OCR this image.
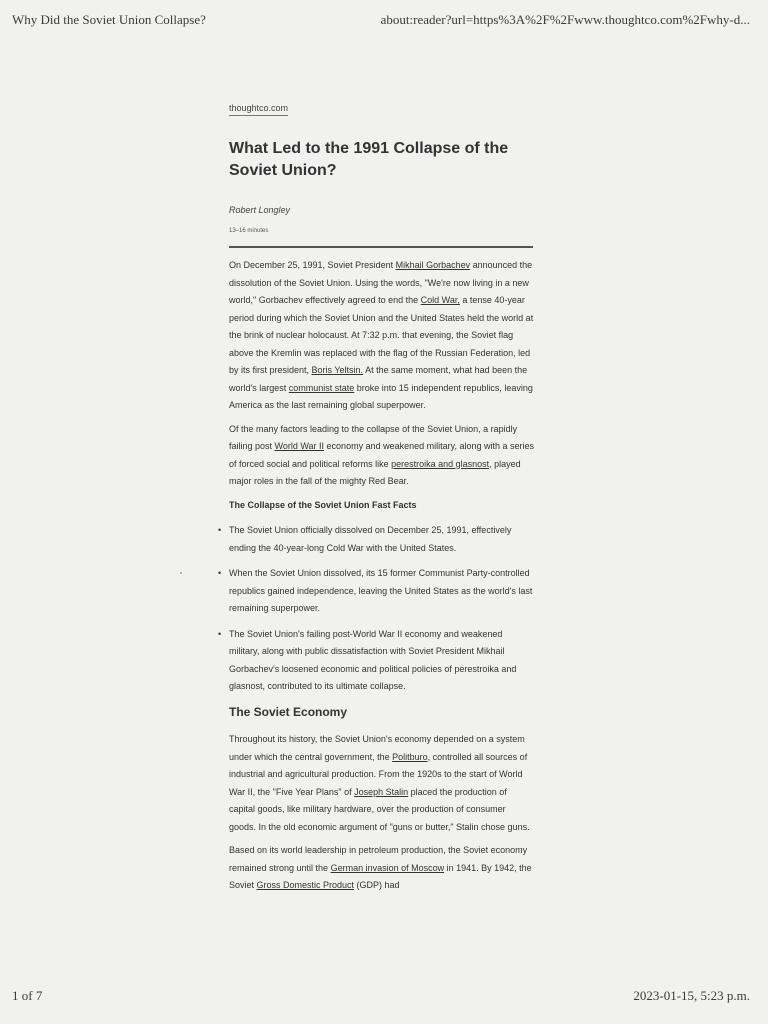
Why Did the Soviet Union Collapse?	about:reader?url=https%3A%2F%2Fwww.thoughtco.com%2Fwhy-d...
thoughtco.com
What Led to the 1991 Collapse of the Soviet Union?
Robert Longley
13–16 minutes

On December 25, 1991, Soviet President Mikhail Gorbachev announced the dissolution of the Soviet Union. Using the words, "We're now living in a new world," Gorbachev effectively agreed to end the Cold War, a tense 40-year period during which the Soviet Union and the United States held the world at the brink of nuclear holocaust. At 7:32 p.m. that evening, the Soviet flag above the Kremlin was replaced with the flag of the Russian Federation, led by its first president, Boris Yeltsin. At the same moment, what had been the world's largest communist state broke into 15 independent republics, leaving America as the last remaining global superpower.

Of the many factors leading to the collapse of the Soviet Union, a rapidly failing post World War II economy and weakened military, along with a series of forced social and political reforms like perestroika and glasnost, played major roles in the fall of the mighty Red Bear.

The Collapse of the Soviet Union Fast Facts
• The Soviet Union officially dissolved on December 25, 1991, effectively ending the 40-year-long Cold War with the United States.
• When the Soviet Union dissolved, its 15 former Communist Party-controlled republics gained independence, leaving the United States as the world's last remaining superpower.
• The Soviet Union's failing post-World War II economy and weakened military, along with public dissatisfaction with Soviet President Mikhail Gorbachev's loosened economic and political policies of perestroika and glasnost, contributed to its ultimate collapse.
The Soviet Economy

Throughout its history, the Soviet Union's economy depended on a system under which the central government, the Politburo, controlled all sources of industrial and agricultural production. From the 1920s to the start of World War II, the "Five Year Plans" of Joseph Stalin placed the production of capital goods, like military hardware, over the production of consumer goods. In the old economic argument of "guns or butter," Stalin chose guns.

Based on its world leadership in petroleum production, the Soviet economy remained strong until the German invasion of Moscow in 1941. By 1942, the Soviet Gross Domestic Product (GDP) had

1 of 7	2023-01-15, 5:23 p.m.
